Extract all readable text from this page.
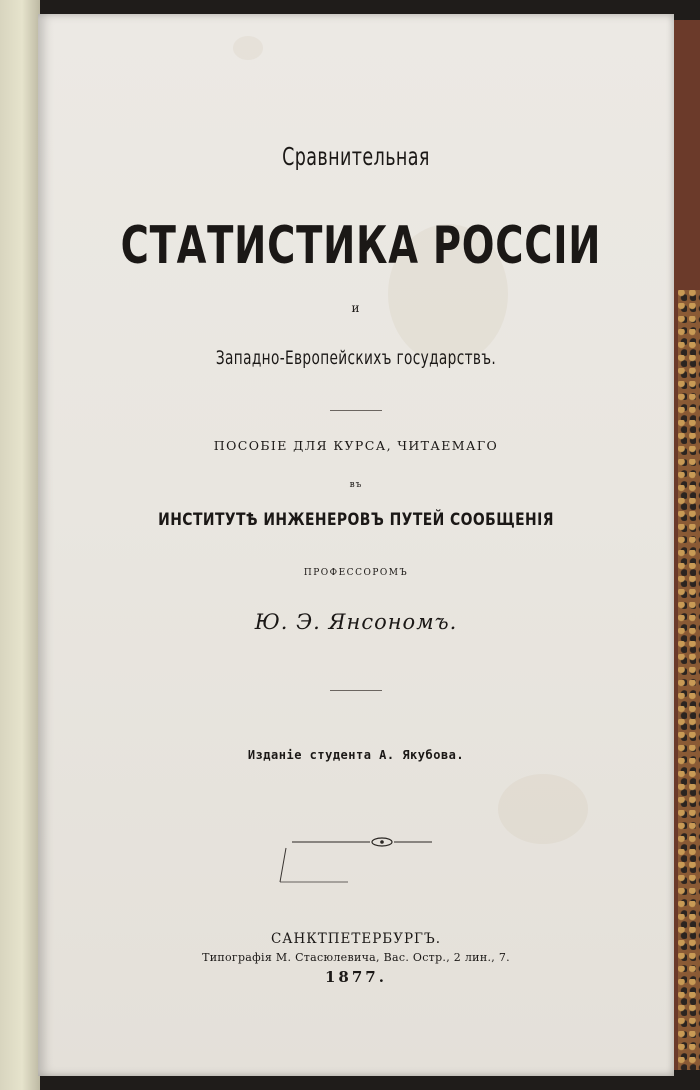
Сравнительная
СТАТИСТИКА РОССІИ
и
Западно-Европейскихъ государствъ.
ПОСОБІЕ ДЛЯ КУРСА, ЧИТАЕМАГО
въ
ИНСТИТУТѢ ИНЖЕНЕРОВЪ ПУТЕЙ СООБЩЕНІЯ
ПРОФЕССОРОМЪ
Ю. Э. Янсономъ.
Изданіе студента А. Якубова.
САНКТПЕТЕРБУРГЪ.
Типографія М. Стасюлевича, Вас. Остр., 2 лин., 7.
1877.
